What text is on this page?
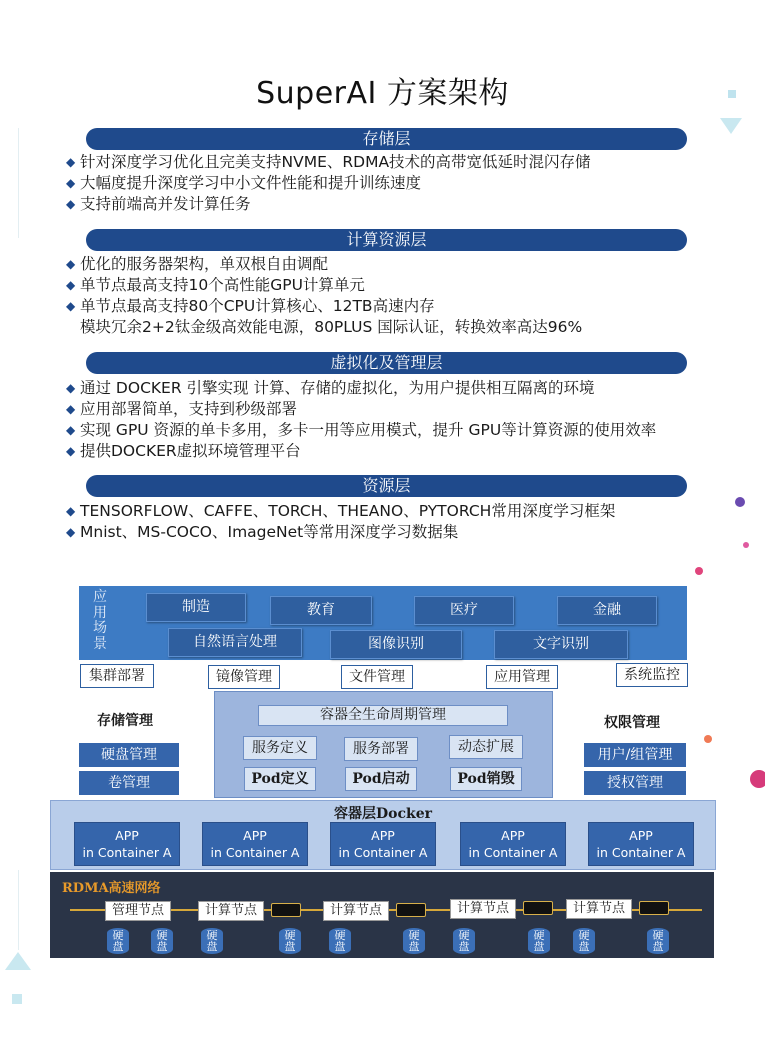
SuperAI 方案架构
存储层
◆ 针对深度学习优化且完美支持NVME、RDMA技术的高带宽低延时混闪存储
◆ 大幅度提升深度学习中小文件性能和提升训练速度
◆ 支持前端高并发计算任务
计算资源层
◆ 优化的服务器架构，单双根自由调配
◆ 单节点最高支持10个高性能GPU计算单元
◆ 单节点最高支持80个CPU计算核心、12TB高速内存
模块冗余2+2钛金级高效能电源，80PLUS 国际认证，转换效率高达96%
虚拟化及管理层
◆ 通过 DOCKER 引擎实现 计算、存储的虚拟化，为用户提供相互隔离的环境
◆ 应用部署简单，支持到秒级部署
◆ 实现 GPU 资源的单卡多用，多卡一用等应用模式，提升 GPU等计算资源的使用效率
◆ 提供DOCKER虚拟环境管理平台
资源层
◆ TENSORFLOW、CAFFE、TORCH、THEANO、PYTORCH常用深度学习框架
◆ Mnist、MS-COCO、ImageNet等常用深度学习数据集
应用场景
制造	教育	医疗	金融
自然语言处理	图像识别	文字识别
集群部署	镜像管理	文件管理	应用管理	系统监控
存储管理
硬盘管理
卷管理
容器全生命周期管理
服务定义	服务部署	动态扩展
Pod定义	Pod启动	Pod销毁
权限管理
用户/组管理
授权管理
容器层Docker
APP
in Container A
APP
in Container A
APP
in Container A
APP
in Container A
APP
in Container A
RDMA高速网络
管理节点	计算节点	计算节点	计算节点	计算节点
硬
盘
硬
盘
硬
盘
硬
盘
硬
盘
硬
盘
硬
盘
硬
盘
硬
盘
硬
盘
